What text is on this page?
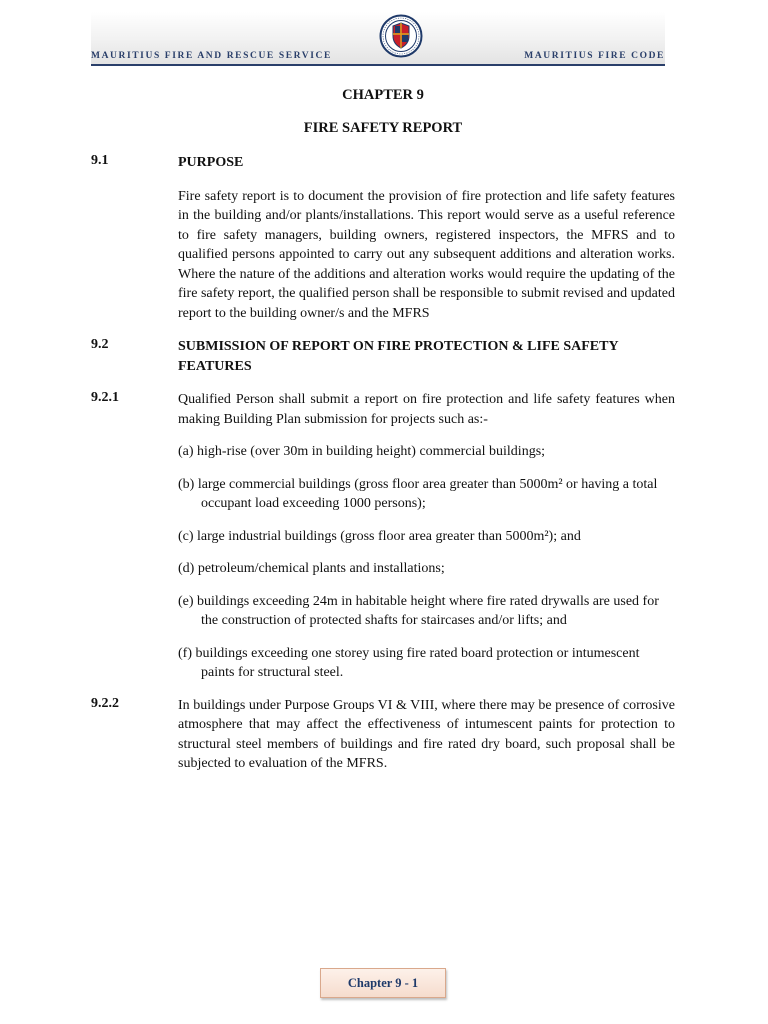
MAURITIUS FIRE AND RESCUE SERVICE	MAURITIUS FIRE CODE

CHAPTER 9

FIRE SAFETY REPORT

9.1	PURPOSE

Fire safety report is to document the provision of fire protection and life safety features in the building and/or plants/installations. This report would serve as a useful reference to fire safety managers, building owners, registered inspectors, the MFRS and to qualified persons appointed to carry out any subsequent additions and alteration works. Where the nature of the additions and alteration works would require the updating of the fire safety report, the qualified person shall be responsible to submit revised and updated report to the building owner/s and the MFRS

9.2	SUBMISSION OF REPORT ON FIRE PROTECTION & LIFE SAFETY FEATURES

9.2.1	Qualified Person shall submit a report on fire protection and life safety features when making Building Plan submission for projects such as:-

(a) high-rise (over 30m in building height) commercial buildings;

(b) large commercial buildings (gross floor area greater than 5000m² or having a total occupant load exceeding 1000 persons);

(c) large industrial buildings (gross floor area greater than 5000m²); and

(d) petroleum/chemical plants and installations;

(e) buildings exceeding 24m in habitable height where fire rated drywalls are used for the construction of protected shafts for staircases and/or lifts; and

(f) buildings exceeding one storey using fire rated board protection or intumescent paints for structural steel.

9.2.2	In buildings under Purpose Groups VI & VIII, where there may be presence of corrosive atmosphere that may affect the effectiveness of intumescent paints for protection to structural steel members of buildings and fire rated dry board, such proposal shall be subjected to evaluation of the MFRS.

Chapter 9 - 1
